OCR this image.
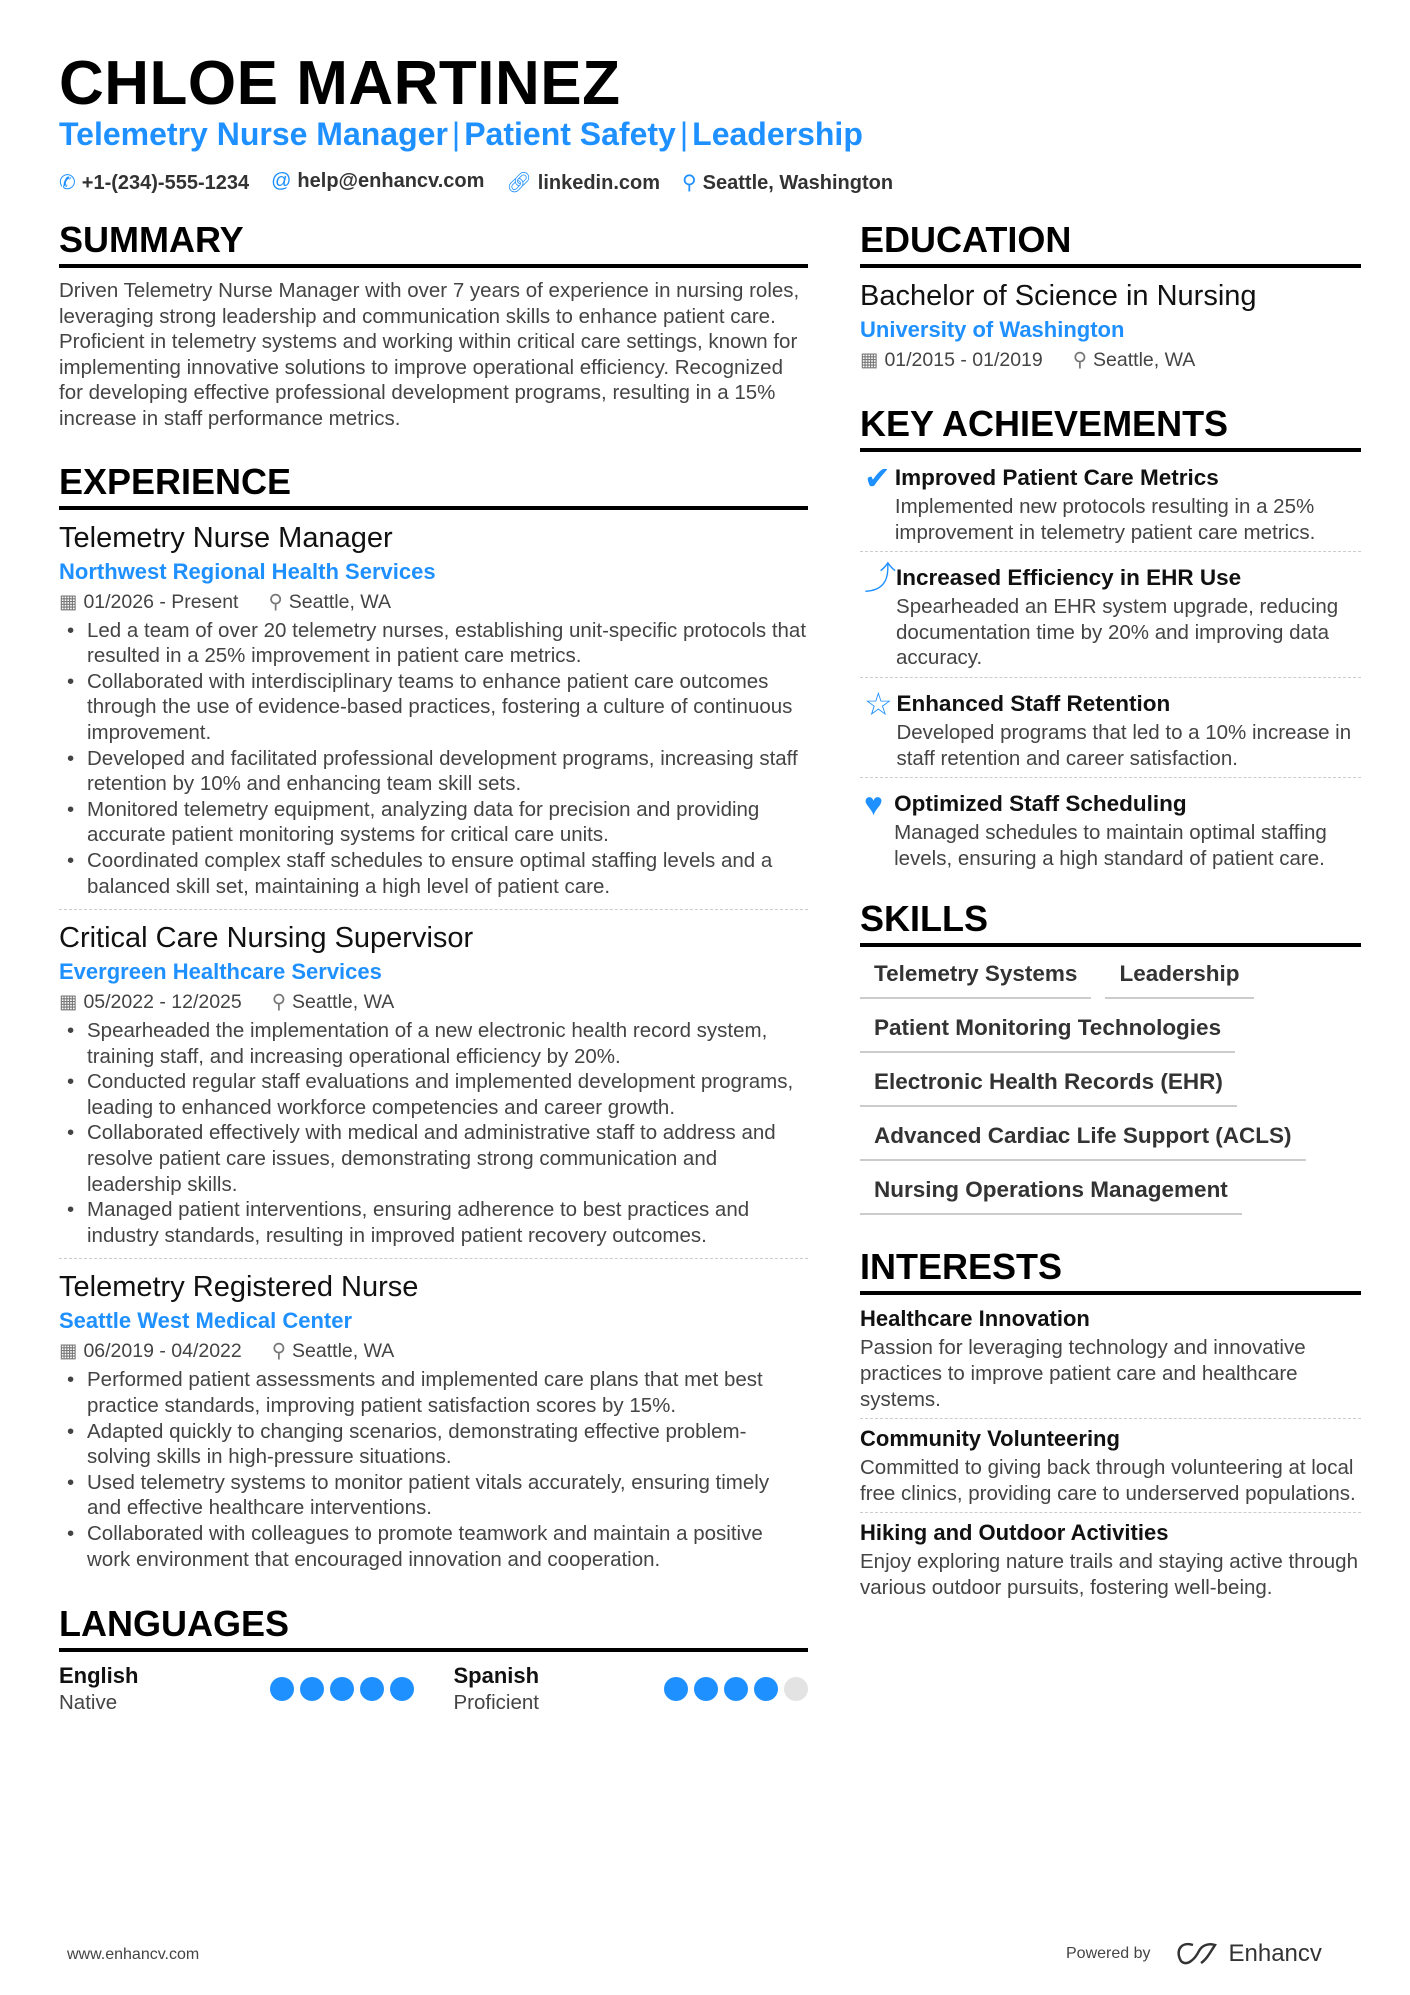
CHLOE MARTINEZ
Telemetry Nurse Manager | Patient Safety | Leadership
✆ +1-(234)-555-1234 @ help@enhancv.com 🔗︎ linkedin.com ⚲ Seattle, Washington
SUMMARY

Driven Telemetry Nurse Manager with over 7 years of experience in nursing roles, leveraging strong leadership and communication skills to enhance patient care. Proficient in telemetry systems and working within critical care settings, known for implementing innovative solutions to improve operational efficiency. Recognized for developing effective professional development programs, resulting in a 15% increase in staff performance metrics.

EXPERIENCE
Telemetry Nurse Manager
Northwest Regional Health Services
▦ 01/2026 - Present ⚲ Seattle, WA
• Led a team of over 20 telemetry nurses, establishing unit-specific protocols that resulted in a 25% improvement in patient care metrics.
• Collaborated with interdisciplinary teams to enhance patient care outcomes through the use of evidence-based practices, fostering a culture of continuous improvement.
• Developed and facilitated professional development programs, increasing staff retention by 10% and enhancing team skill sets.
• Monitored telemetry equipment, analyzing data for precision and providing accurate patient monitoring systems for critical care units.
• Coordinated complex staff schedules to ensure optimal staffing levels and a balanced skill set, maintaining a high level of patient care.
Critical Care Nursing Supervisor
Evergreen Healthcare Services
▦ 05/2022 - 12/2025 ⚲ Seattle, WA
• Spearheaded the implementation of a new electronic health record system, training staff, and increasing operational efficiency by 20%.
• Conducted regular staff evaluations and implemented development programs, leading to enhanced workforce competencies and career growth.
• Collaborated effectively with medical and administrative staff to address and resolve patient care issues, demonstrating strong communication and leadership skills.
• Managed patient interventions, ensuring adherence to best practices and industry standards, resulting in improved patient recovery outcomes.
Telemetry Registered Nurse
Seattle West Medical Center
▦ 06/2019 - 04/2022 ⚲ Seattle, WA
• Performed patient assessments and implemented care plans that met best practice standards, improving patient satisfaction scores by 15%.
• Adapted quickly to changing scenarios, demonstrating effective problem-solving skills in high-pressure situations.
• Used telemetry systems to monitor patient vitals accurately, ensuring timely and effective healthcare interventions.
• Collaborated with colleagues to promote teamwork and maintain a positive work environment that encouraged innovation and cooperation.
LANGUAGES
English
Native
Spanish
Proficient
EDUCATION
Bachelor of Science in Nursing
University of Washington
▦ 01/2015 - 01/2019 ⚲ Seattle, WA
KEY ACHIEVEMENTS
✔ Improved Patient Care Metrics
Implemented new protocols resulting in a 25% improvement in telemetry patient care metrics.
⤴ Increased Efficiency in EHR Use
Spearheaded an EHR system upgrade, reducing documentation time by 20% and improving data accuracy.
☆ Enhanced Staff Retention
Developed programs that led to a 10% increase in staff retention and career satisfaction.
♥ Optimized Staff Scheduling
Managed schedules to maintain optimal staffing levels, ensuring a high standard of patient care.
SKILLS
Telemetry Systems	Leadership
Patient Monitoring Technologies
Electronic Health Records (EHR)
Advanced Cardiac Life Support (ACLS)
Nursing Operations Management
INTERESTS
Healthcare Innovation
Passion for leveraging technology and innovative practices to improve patient care and healthcare systems.
Community Volunteering
Committed to giving back through volunteering at local free clinics, providing care to underserved populations.
Hiking and Outdoor Activities
Enjoy exploring nature trails and staying active through various outdoor pursuits, fostering well-being.
www.enhancv.com	Powered by	Enhancv
